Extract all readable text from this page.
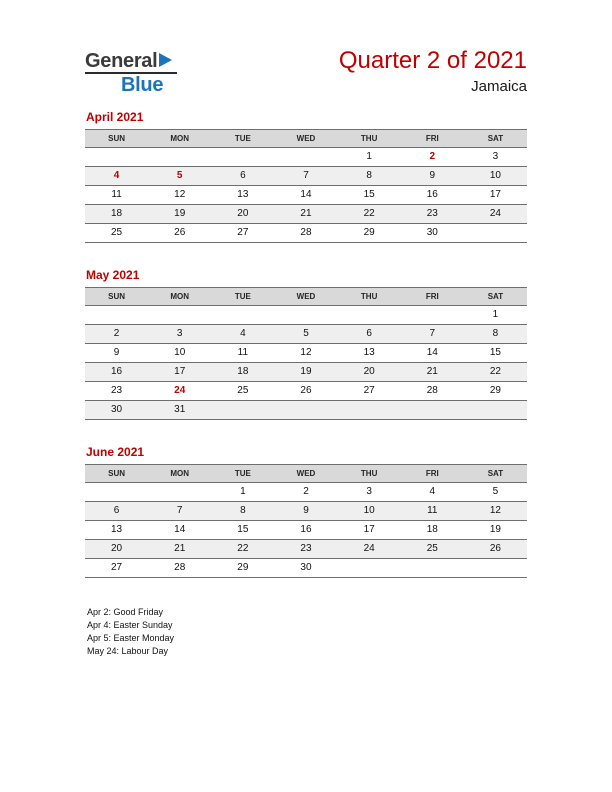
General
Blue
Quarter 2 of 2021
Jamaica
April 2021
SUN	MON	TUE	WED	THU	FRI	SAT
				1	2	3
4	5	6	7	8	9	10
11	12	13	14	15	16	17
18	19	20	21	22	23	24
25	26	27	28	29	30	
May 2021
SUN	MON	TUE	WED	THU	FRI	SAT
						1
2	3	4	5	6	7	8
9	10	11	12	13	14	15
16	17	18	19	20	21	22
23	24	25	26	27	28	29
30	31					
June 2021
SUN	MON	TUE	WED	THU	FRI	SAT
		1	2	3	4	5
6	7	8	9	10	11	12
13	14	15	16	17	18	19
20	21	22	23	24	25	26
27	28	29	30			
Apr 2: Good Friday
Apr 4: Easter Sunday
Apr 5: Easter Monday
May 24: Labour Day
